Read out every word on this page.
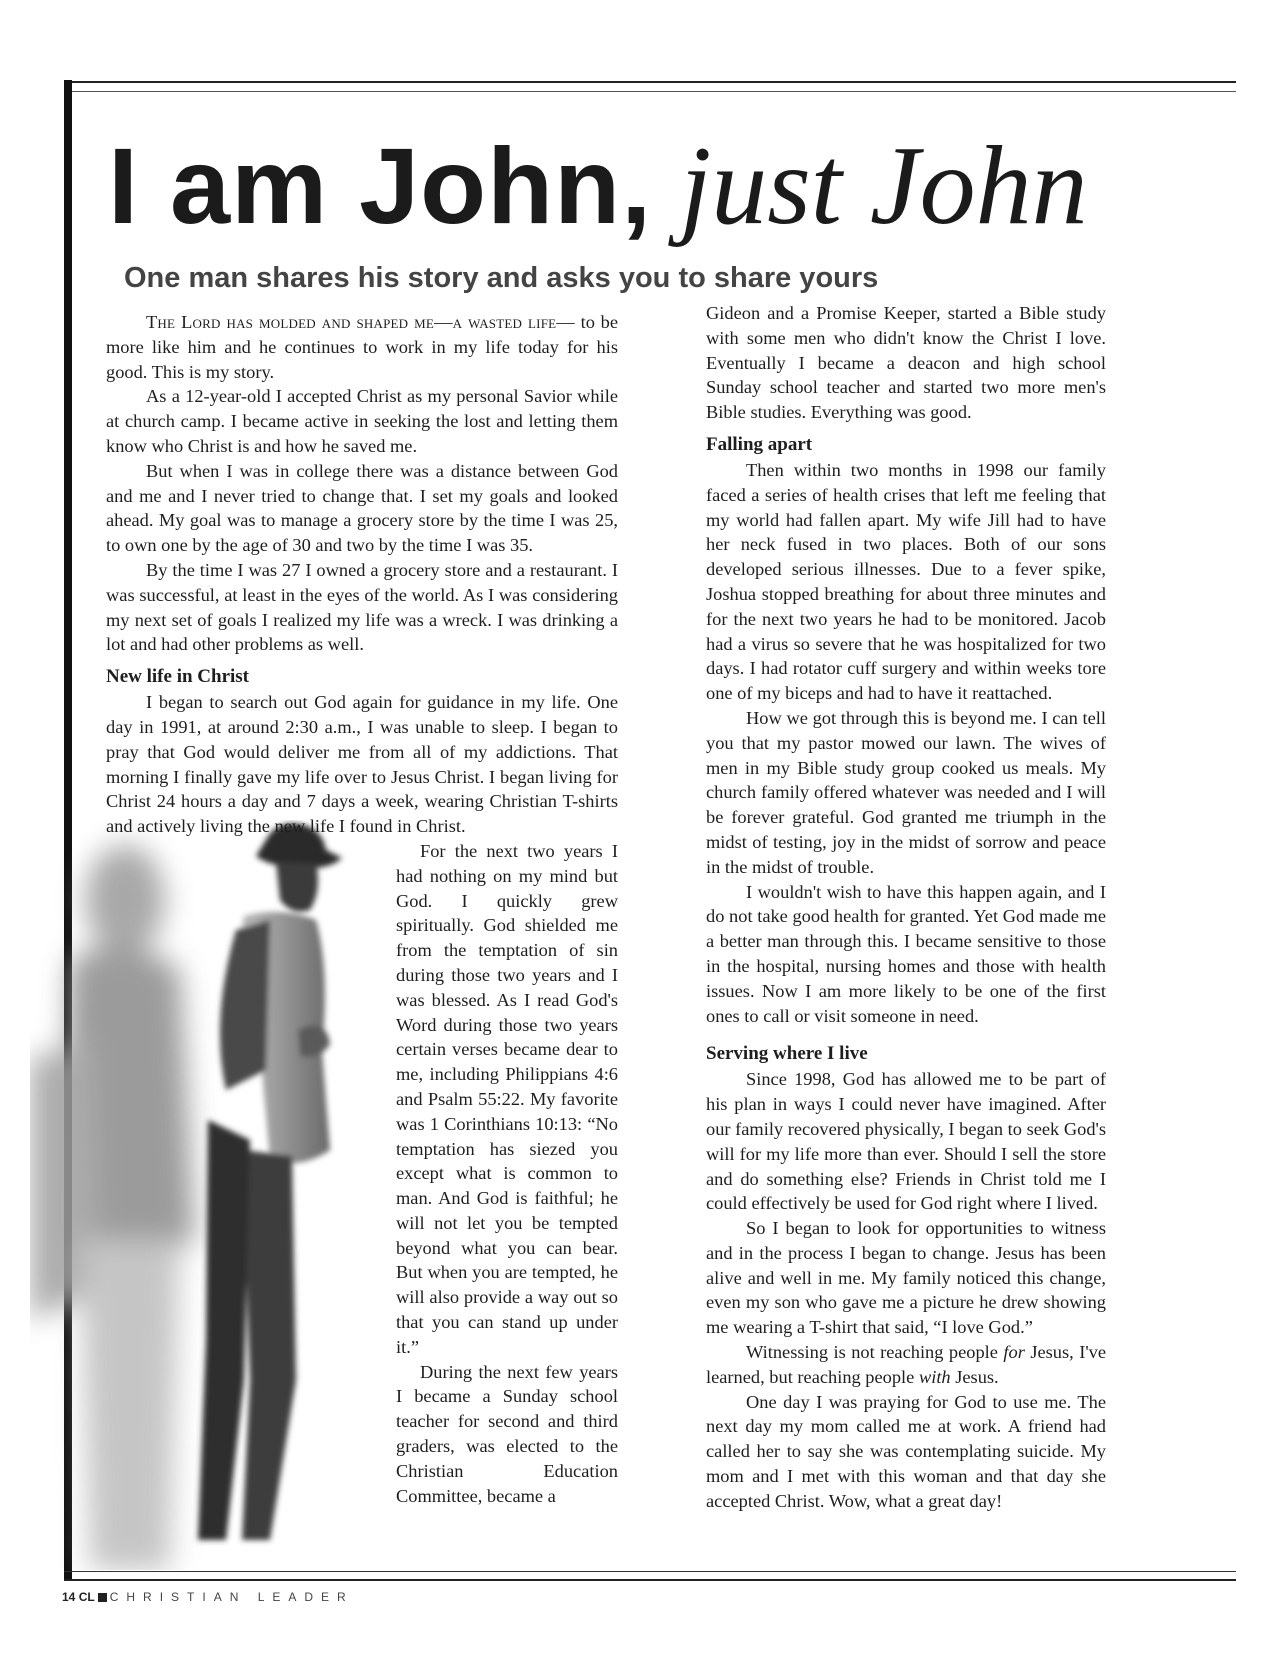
I am John, just John
One man shares his story and asks you to share yours

The Lord has molded and shaped me—a wasted life— to be more like him and he continues to work in my life today for his good. This is my story.

As a 12-year-old I accepted Christ as my personal Savior while at church camp. I became active in seeking the lost and letting them know who Christ is and how he saved me.

But when I was in college there was a distance between God and me and I never tried to change that. I set my goals and looked ahead. My goal was to manage a grocery store by the time I was 25, to own one by the age of 30 and two by the time I was 35.

By the time I was 27 I owned a grocery store and a restaurant. I was successful, at least in the eyes of the world. As I was considering my next set of goals I realized my life was a wreck. I was drinking a lot and had other problems as well.

New life in Christ

I began to search out God again for guidance in my life. One day in 1991, at around 2:30 a.m., I was unable to sleep. I began to pray that God would deliver me from all of my addictions. That morning I finally gave my life over to Jesus Christ. I began living for Christ 24 hours a day and 7 days a week, wearing Christian T-shirts and actively living the new life I found in Christ.

For the next two years I had nothing on my mind but God. I quickly grew spiritually. God shielded me from the temptation of sin during those two years and I was blessed. As I read God's Word during those two years certain verses became dear to me, including Philippians 4:6 and Psalm 55:22. My favorite was 1 Corinthians 10:13: “No temptation has siezed you except what is common to man. And God is faithful; he will not let you be tempted beyond what you can bear. But when you are tempted, he will also provide a way out so that you can stand up under it.”

During the next few years I became a Sunday school teacher for second and third graders, was elected to the Christian Education Committee, became a

Gideon and a Promise Keeper, started a Bible study with some men who didn't know the Christ I love. Eventually I became a deacon and high school Sunday school teacher and started two more men's Bible studies. Everything was good.

Falling apart

Then within two months in 1998 our family faced a series of health crises that left me feeling that my world had fallen apart. My wife Jill had to have her neck fused in two places. Both of our sons developed serious illnesses. Due to a fever spike, Joshua stopped breathing for about three minutes and for the next two years he had to be monitored. Jacob had a virus so severe that he was hospitalized for two days. I had rotator cuff surgery and within weeks tore one of my biceps and had to have it reattached.

How we got through this is beyond me. I can tell you that my pastor mowed our lawn. The wives of men in my Bible study group cooked us meals. My church family offered whatever was needed and I will be forever grateful. God granted me triumph in the midst of testing, joy in the midst of sorrow and peace in the midst of trouble.

I wouldn't wish to have this happen again, and I do not take good health for granted. Yet God made me a better man through this. I became sensitive to those in the hospital, nursing homes and those with health issues. Now I am more likely to be one of the first ones to call or visit someone in need.

Serving where I live

Since 1998, God has allowed me to be part of his plan in ways I could never have imagined. After our family recovered physically, I began to seek God's will for my life more than ever. Should I sell the store and do something else? Friends in Christ told me I could effectively be used for God right where I lived.

So I began to look for opportunities to witness and in the process I began to change. Jesus has been alive and well in me. My family noticed this change, even my son who gave me a picture he drew showing me wearing a T-shirt that said, “I love God.”

Witnessing is not reaching people for Jesus, I've learned, but reaching people with Jesus.

One day I was praying for God to use me. The next day my mom called me at work. A friend had called her to say she was contemplating suicide. My mom and I met with this woman and that day she accepted Christ. Wow, what a great day!

14 CL CHRISTIAN LEADER
